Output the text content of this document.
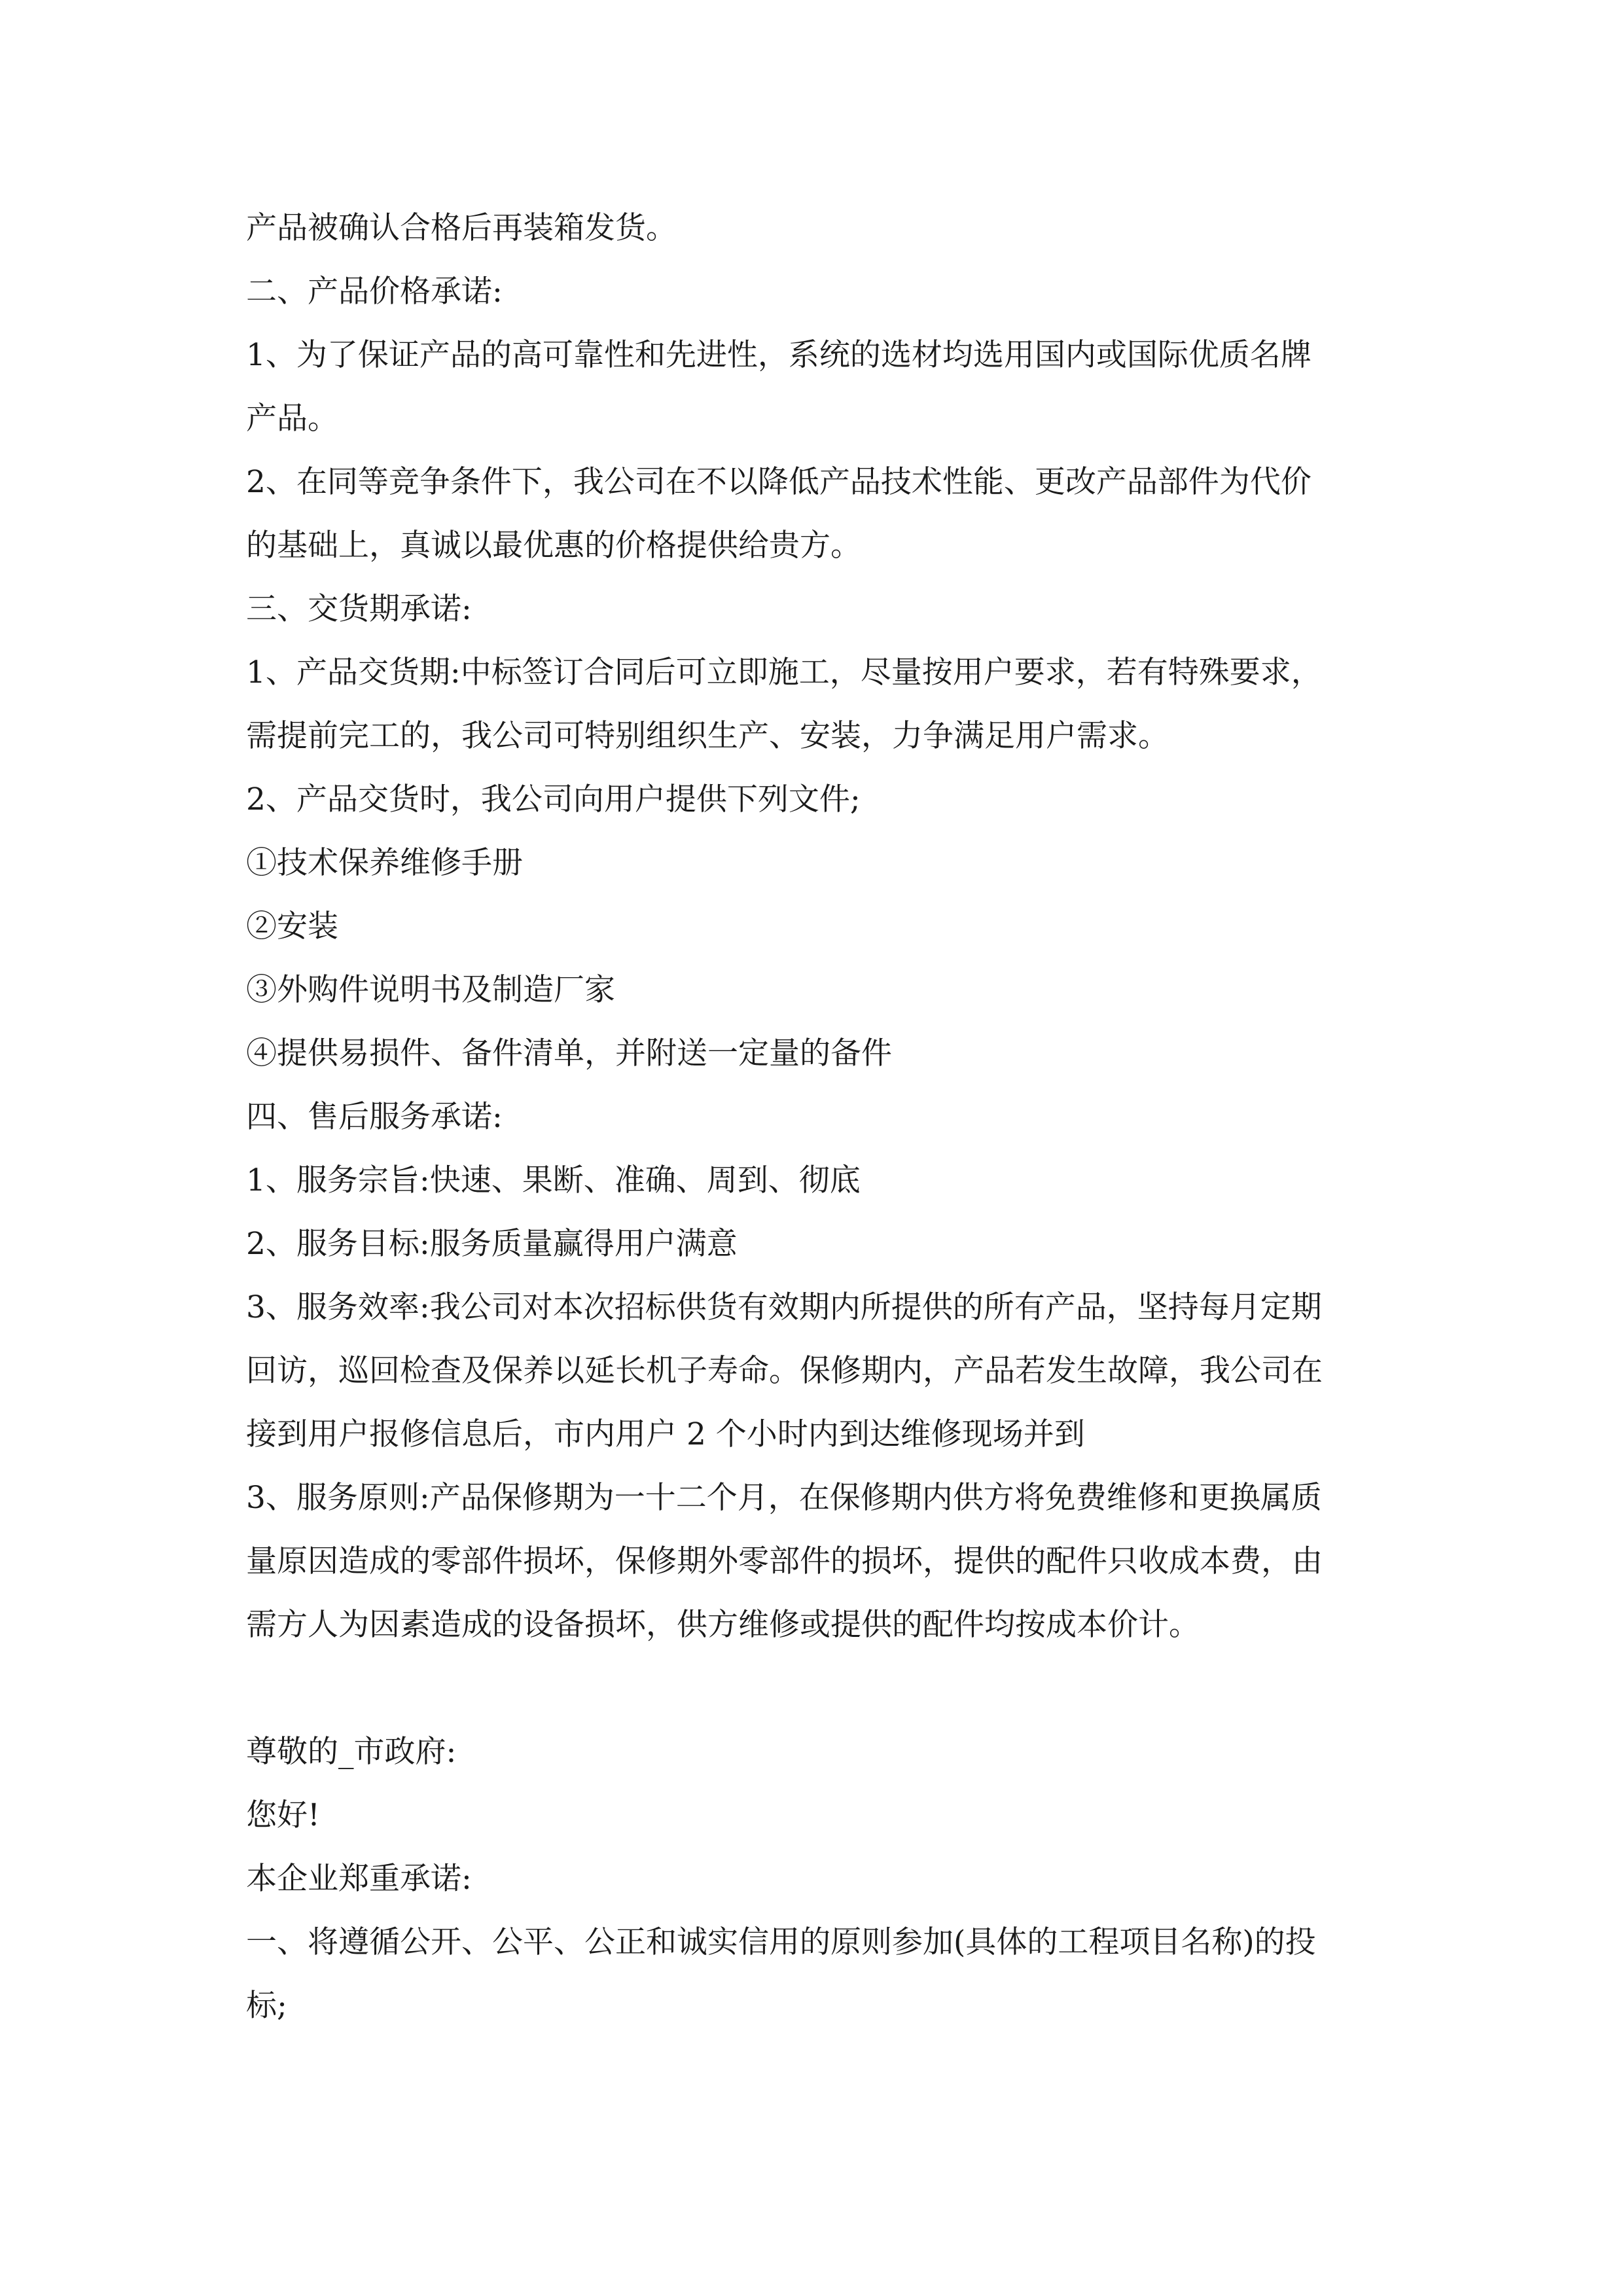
产品被确认合格后再装箱发货。
二、产品价格承诺:
1、为了保证产品的高可靠性和先进性，系统的选材均选用国内或国际优质名牌
产品。
2、在同等竞争条件下，我公司在不以降低产品技术性能、更改产品部件为代价
的基础上，真诚以最优惠的价格提供给贵方。
三、交货期承诺:
1、产品交货期:中标签订合同后可立即施工，尽量按用户要求，若有特殊要求，
需提前完工的，我公司可特别组织生产、安装，力争满足用户需求。
2、产品交货时，我公司向用户提供下列文件;
①技术保养维修手册
②安装
③外购件说明书及制造厂家
④提供易损件、备件清单，并附送一定量的备件
四、售后服务承诺:
1、服务宗旨:快速、果断、准确、周到、彻底
2、服务目标:服务质量赢得用户满意
3、服务效率:我公司对本次招标供货有效期内所提供的所有产品，坚持每月定期
回访，巡回检查及保养以延长机子寿命。保修期内，产品若发生故障，我公司在
接到用户报修信息后，市内用户 2 个小时内到达维修现场并到
3、服务原则:产品保修期为一十二个月，在保修期内供方将免费维修和更换属质
量原因造成的零部件损坏，保修期外零部件的损坏，提供的配件只收成本费，由
需方人为因素造成的设备损坏，供方维修或提供的配件均按成本价计。
尊敬的_市政府:
您好!
本企业郑重承诺:
一、将遵循公开、公平、公正和诚实信用的原则参加(具体的工程项目名称)的投
标;
